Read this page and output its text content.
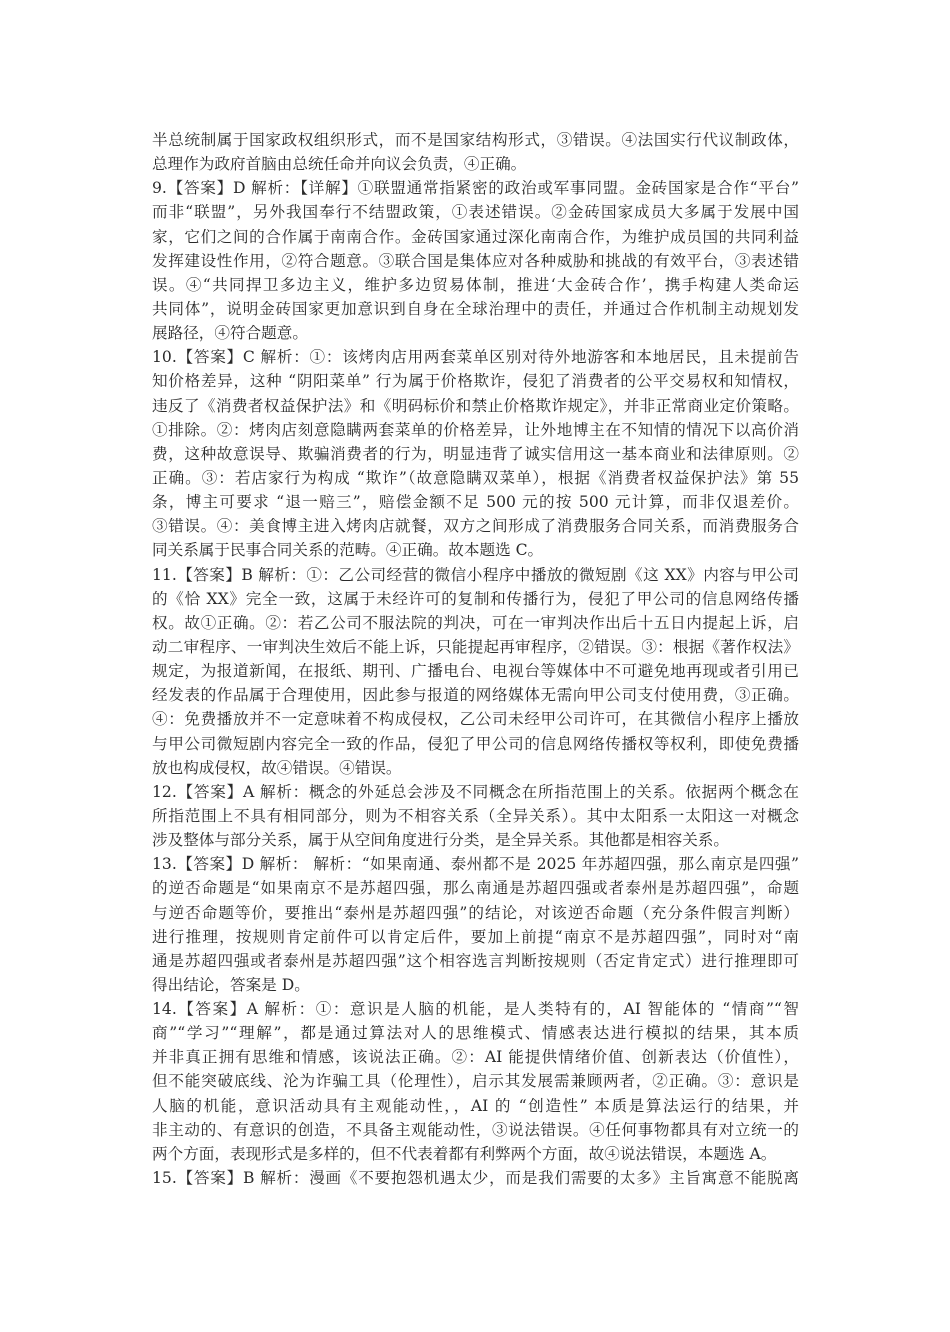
半总统制属于国家政权组织形式，而不是国家结构形式，③错误。④法国实行代议制政体，
总理作为政府首脑由总统任命并向议会负责，④正确。
9.【答案】D 解析：【详解】①联盟通常指紧密的政治或军事同盟。金砖国家是合作“平台”
而非“联盟”，另外我国奉行不结盟政策，①表述错误。②金砖国家成员大多属于发展中国
家，它们之间的合作属于南南合作。金砖国家通过深化南南合作，为维护成员国的共同利益
发挥建设性作用，②符合题意。③联合国是集体应对各种威胁和挑战的有效平台，③表述错
误。④“共同捍卫多边主义，维护多边贸易体制，推进‘大金砖合作’，携手构建人类命运
共同体”，说明金砖国家更加意识到自身在全球治理中的责任，并通过合作机制主动规划发
展路径，④符合题意。
10.【答案】C 解析：①：该烤肉店用两套菜单区别对待外地游客和本地居民，且未提前告
知价格差异，这种 “阴阳菜单” 行为属于价格欺诈，侵犯了消费者的公平交易权和知情权，
违反了《消费者权益保护法》和《明码标价和禁止价格欺诈规定》，并非正常商业定价策略。
①排除。②：烤肉店刻意隐瞒两套菜单的价格差异，让外地博主在不知情的情况下以高价消
费，这种故意误导、欺骗消费者的行为，明显违背了诚实信用这一基本商业和法律原则。②
正确。③：若店家行为构成 “欺诈”（故意隐瞒双菜单），根据《消费者权益保护法》第 55
条，博主可要求 “退一赔三”，赔偿金额不足 500 元的按 500 元计算，而非仅退差价。
③错误。④：美食博主进入烤肉店就餐，双方之间形成了消费服务合同关系，而消费服务合
同关系属于民事合同关系的范畴。④正确。故本题选 C。
11.【答案】B 解析：①：乙公司经营的微信小程序中播放的微短剧《这 XX》内容与甲公司
的《恰 XX》完全一致，这属于未经许可的复制和传播行为，侵犯了甲公司的信息网络传播
权。故①正确。②：若乙公司不服法院的判决，可在一审判决作出后十五日内提起上诉，启
动二审程序、一审判决生效后不能上诉，只能提起再审程序，②错误。③：根据《著作权法》
规定，为报道新闻，在报纸、期刊、广播电台、电视台等媒体中不可避免地再现或者引用已
经发表的作品属于合理使用，因此参与报道的网络媒体无需向甲公司支付使用费，③正确。
④：免费播放并不一定意味着不构成侵权，乙公司未经甲公司许可，在其微信小程序上播放
与甲公司微短剧内容完全一致的作品，侵犯了甲公司的信息网络传播权等权利，即使免费播
放也构成侵权，故④错误。④错误。
12.【答案】A 解析：概念的外延总会涉及不同概念在所指范围上的关系。依据两个概念在
所指范围上不具有相同部分，则为不相容关系（全异关系）。其中太阳系一太阳这一对概念
涉及整体与部分关系，属于从空间角度进行分类，是全异关系。其他都是相容关系。
13.【答案】D 解析： 解析：“如果南通、泰州都不是 2025 年苏超四强，那么南京是四强”
的逆否命题是“如果南京不是苏超四强，那么南通是苏超四强或者泰州是苏超四强”，命题
与逆否命题等价，要推出“泰州是苏超四强”的结论，对该逆否命题（充分条件假言判断）
进行推理，按规则肯定前件可以肯定后件，要加上前提“南京不是苏超四强”，同时对“南
通是苏超四强或者泰州是苏超四强”这个相容选言判断按规则（否定肯定式）进行推理即可
得出结论，答案是 D。
14.【答案】A 解析：①：意识是人脑的机能，是人类特有的，AI 智能体的 “情商”“智
商”“学习”“理解”，都是通过算法对人的思维模式、情感表达进行模拟的结果，其本质
并非真正拥有思维和情感，该说法正确。②：AI 能提供情绪价值、创新表达（价值性），
但不能突破底线、沦为诈骗工具（伦理性），启示其发展需兼顾两者，②正确。③：意识是
人脑的机能，意识活动具有主观能动性，，AI 的 “创造性” 本质是算法运行的结果，并
非主动的、有意识的创造，不具备主观能动性，③说法错误。④任何事物都具有对立统一的
两个方面，表现形式是多样的，但不代表着都有利弊两个方面，故④说法错误，本题选 A。
15.【答案】B 解析：漫画《不要抱怨机遇太少，而是我们需要的太多》主旨寓意不能脱离
